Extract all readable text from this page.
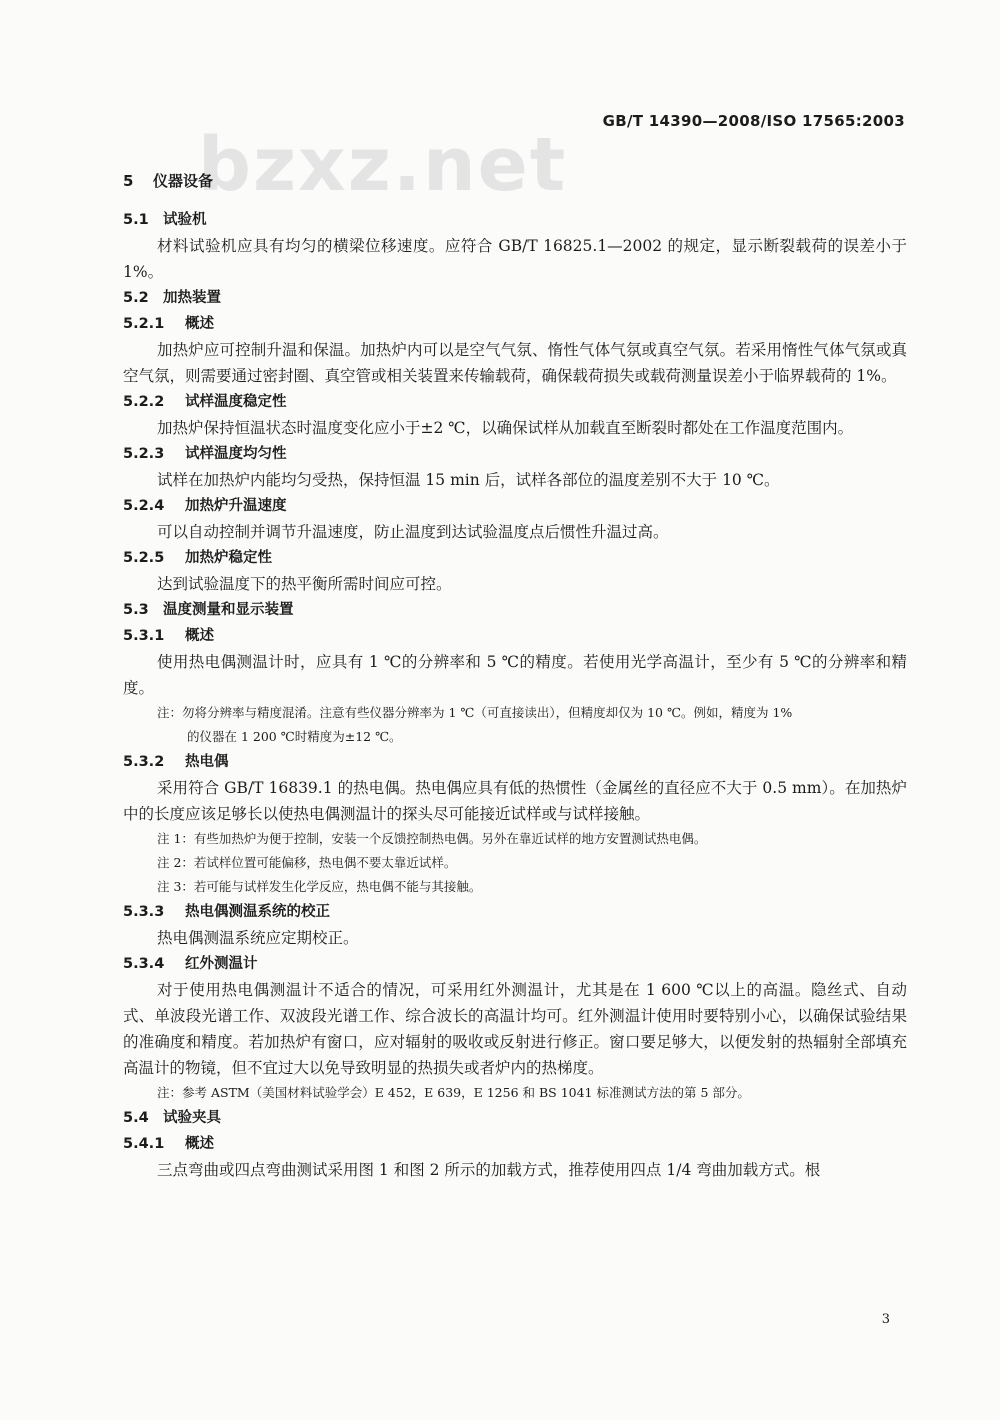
GB/T 14390—2008/ISO 17565:2003
bzxz.net
5 仪器设备
5.1 试验机
材料试验机应具有均匀的横梁位移速度。应符合 GB/T 16825.1—2002 的规定，显示断裂载荷的误差小于 1%。
5.2 加热装置
5.2.1 概述
加热炉应可控制升温和保温。加热炉内可以是空气气氛、惰性气体气氛或真空气氛。若采用惰性气体气氛或真空气氛，则需要通过密封圈、真空管或相关装置来传输载荷，确保载荷损失或载荷测量误差小于临界载荷的 1%。
5.2.2 试样温度稳定性
加热炉保持恒温状态时温度变化应小于±2 ℃，以确保试样从加载直至断裂时都处在工作温度范围内。
5.2.3 试样温度均匀性
试样在加热炉内能均匀受热，保持恒温 15 min 后，试样各部位的温度差别不大于 10 ℃。
5.2.4 加热炉升温速度
可以自动控制并调节升温速度，防止温度到达试验温度点后惯性升温过高。
5.2.5 加热炉稳定性
达到试验温度下的热平衡所需时间应可控。
5.3 温度测量和显示装置
5.3.1 概述
使用热电偶测温计时，应具有 1 ℃的分辨率和 5 ℃的精度。若使用光学高温计，至少有 5 ℃的分辨率和精度。
注：勿将分辨率与精度混淆。注意有些仪器分辨率为 1 ℃（可直接读出），但精度却仅为 10 ℃。例如，精度为 1%
的仪器在 1 200 ℃时精度为±12 ℃。
5.3.2 热电偶
采用符合 GB/T 16839.1 的热电偶。热电偶应具有低的热惯性（金属丝的直径应不大于 0.5 mm）。在加热炉中的长度应该足够长以使热电偶测温计的探头尽可能接近试样或与试样接触。
注 1：有些加热炉为便于控制，安装一个反馈控制热电偶。另外在靠近试样的地方安置测试热电偶。
注 2：若试样位置可能偏移，热电偶不要太靠近试样。
注 3：若可能与试样发生化学反应，热电偶不能与其接触。
5.3.3 热电偶测温系统的校正
热电偶测温系统应定期校正。
5.3.4 红外测温计
对于使用热电偶测温计不适合的情况，可采用红外测温计，尤其是在 1 600 ℃以上的高温。隐丝式、自动式、单波段光谱工作、双波段光谱工作、综合波长的高温计均可。红外测温计使用时要特别小心，以确保试验结果的准确度和精度。若加热炉有窗口，应对辐射的吸收或反射进行修正。窗口要足够大，以便发射的热辐射全部填充高温计的物镜，但不宜过大以免导致明显的热损失或者炉内的热梯度。
注：参考 ASTM（美国材料试验学会）E 452，E 639，E 1256 和 BS 1041 标准测试方法的第 5 部分。
5.4 试验夹具
5.4.1 概述
三点弯曲或四点弯曲测试采用图 1 和图 2 所示的加载方式，推荐使用四点 1/4 弯曲加载方式。根
3
